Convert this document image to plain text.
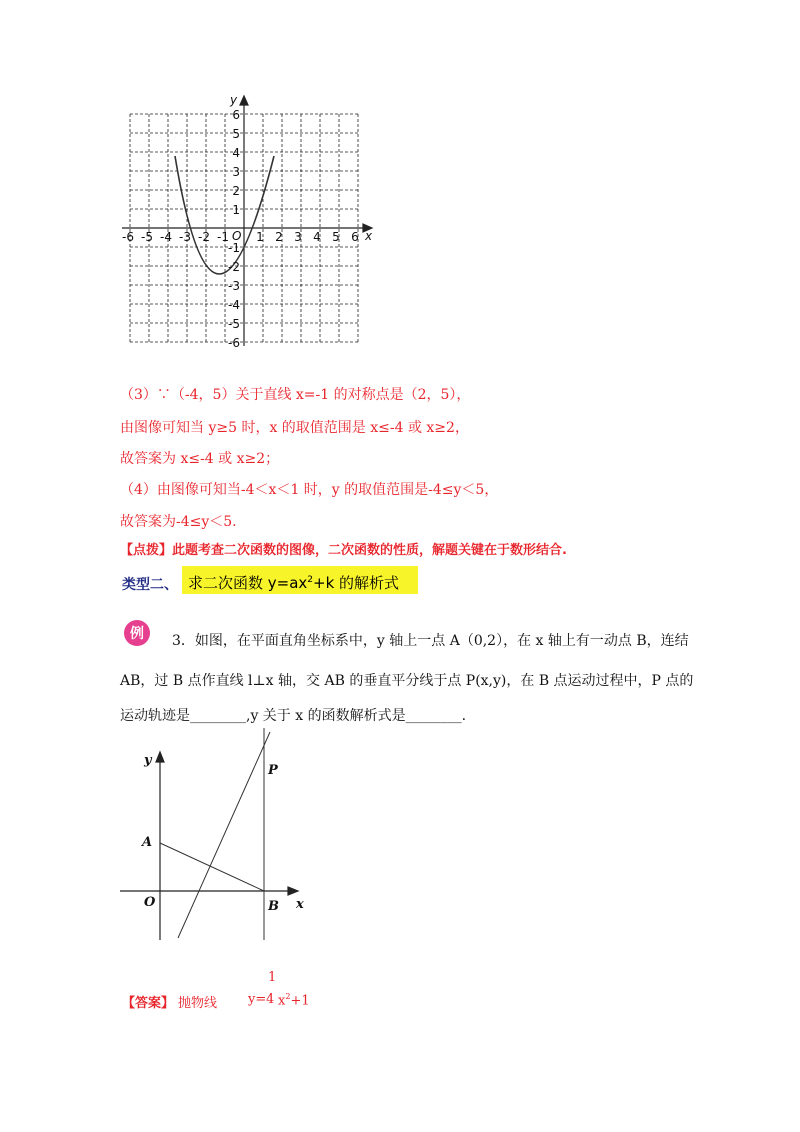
y
x
O
-6 -5 -4 -3 -2 -1 1 2 3 4 5 6
6
5
4
3
2
1
-1
-2
-3
-4
-5
-6
（3）∵（-4，5）关于直线 x=-1 的对称点是（2，5），
由图像可知当 y≥5 时，x 的取值范围是 x≤-4 或 x≥2，
故答案为 x≤-4 或 x≥2；
（4）由图像可知当-4＜x＜1 时，y 的取值范围是-4≤y＜5，
故答案为-4≤y＜5.
【点拨】此题考查二次函数的图像，二次函数的性质，解题关键在于数形结合.
类型二、 求二次函数 $y=ax^2+k$ 的解析式
例 3．如图，在平面直角坐标系中，y 轴上一点 A（0,2），在 x 轴上有一动点 B，连结
AB，过 B 点作直线 l⊥x 轴，交 AB 的垂直平分线于点 P(x,y)，在 B 点运动过程中，P 点的
运动轨迹是________,y 关于 x 的函数解析式是________.
y
P
A
O	B x
【答案】 抛物线 y=
1
4 $x^2+1$
